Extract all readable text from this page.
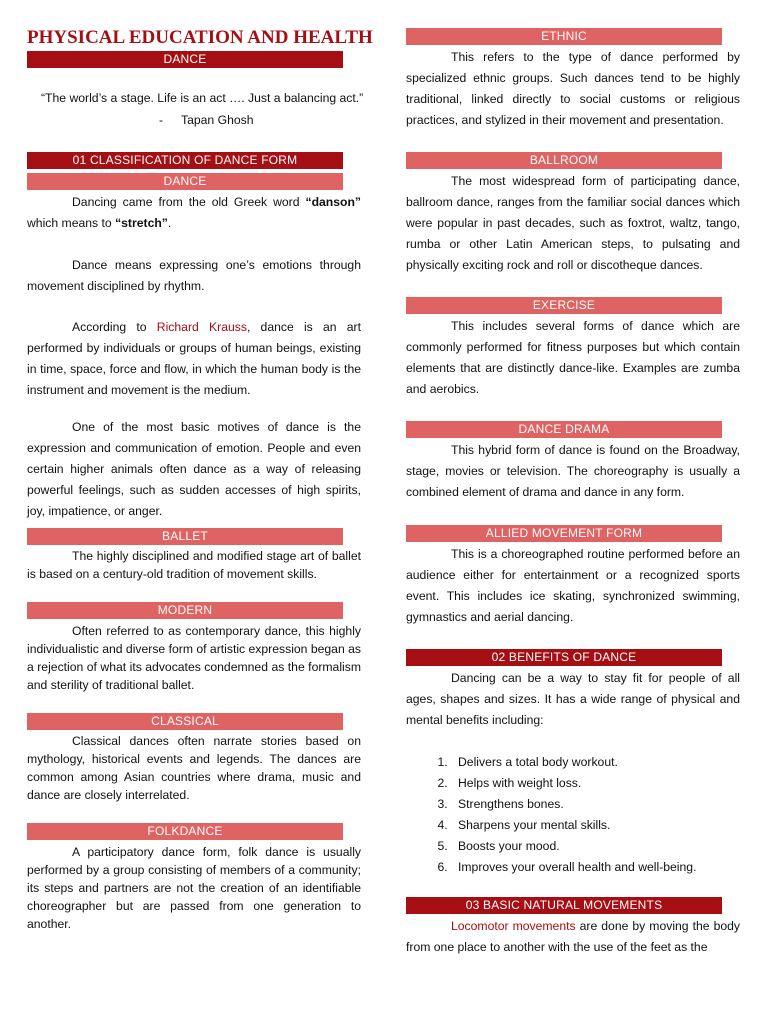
PHYSICAL EDUCATION AND HEALTH
DANCE
“The world’s a stage. Life is an act …. Just a balancing act.”
- Tapan Ghosh
01 CLASSIFICATION OF DANCE FORM
DANCE

Dancing came from the old Greek word “danson” which means to “stretch”.

Dance means expressing one’s emotions through movement disciplined by rhythm.

According to Richard Krauss, dance is an art performed by individuals or groups of human beings, existing in time, space, force and flow, in which the human body is the instrument and movement is the medium.

One of the most basic motives of dance is the expression and communication of emotion. People and even certain higher animals often dance as a way of releasing powerful feelings, such as sudden accesses of high spirits, joy, impatience, or anger.

BALLET

The highly disciplined and modified stage art of ballet is based on a century-old tradition of movement skills.

MODERN

Often referred to as contemporary dance, this highly individualistic and diverse form of artistic expression began as a rejection of what its advocates condemned as the formalism and sterility of traditional ballet.

CLASSICAL

Classical dances often narrate stories based on mythology, historical events and legends. The dances are common among Asian countries where drama, music and dance are closely interrelated.

FOLKDANCE

A participatory dance form, folk dance is usually performed by a group consisting of members of a community; its steps and partners are not the creation of an identifiable choreographer but are passed from one generation to another.

ETHNIC

This refers to the type of dance performed by specialized ethnic groups. Such dances tend to be highly traditional, linked directly to social customs or religious practices, and stylized in their movement and presentation.

BALLROOM

The most widespread form of participating dance, ballroom dance, ranges from the familiar social dances which were popular in past decades, such as foxtrot, waltz, tango, rumba or other Latin American steps, to pulsating and physically exciting rock and roll or discotheque dances.

EXERCISE

This includes several forms of dance which are commonly performed for fitness purposes but which contain elements that are distinctly dance-like. Examples are zumba and aerobics.

DANCE DRAMA

This hybrid form of dance is found on the Broadway, stage, movies or television. The choreography is usually a combined element of drama and dance in any form.

ALLIED MOVEMENT FORM

This is a choreographed routine performed before an audience either for entertainment or a recognized sports event. This includes ice skating, synchronized swimming, gymnastics and aerial dancing.

02 BENEFITS OF DANCE

Dancing can be a way to stay fit for people of all ages, shapes and sizes. It has a wide range of physical and mental benefits including:

1. Delivers a total body workout.
2. Helps with weight loss.
3. Strengthens bones.
4. Sharpens your mental skills.
5. Boosts your mood.
6. Improves your overall health and well-being.
03 BASIC NATURAL MOVEMENTS

Locomotor movements are done by moving the body from one place to another with the use of the feet as the
